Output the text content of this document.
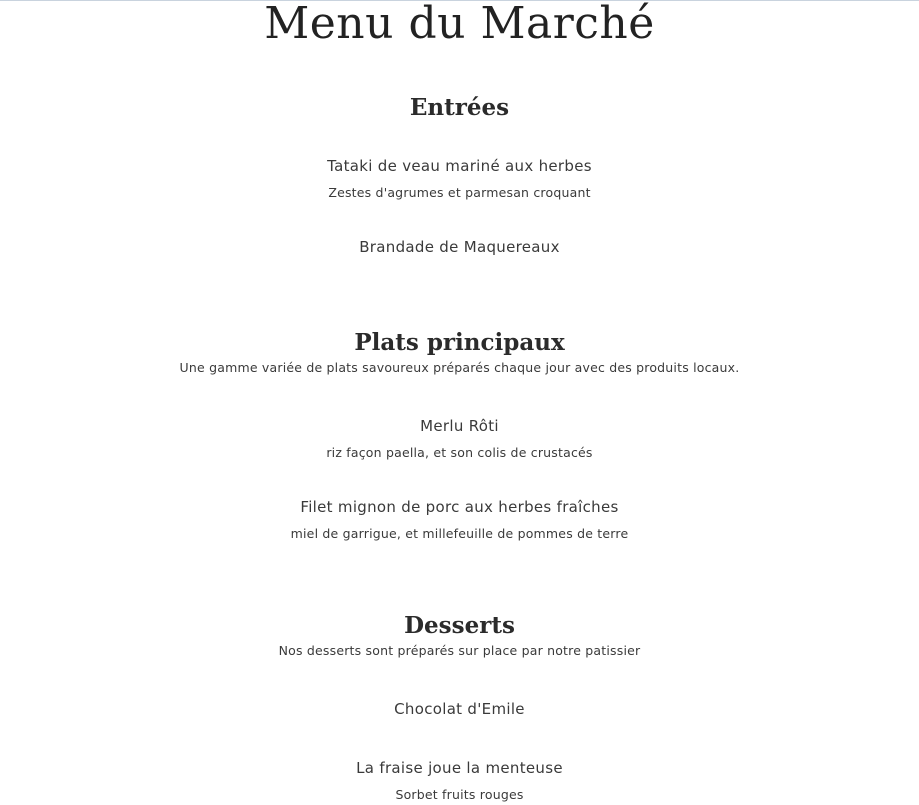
Menu du Marché
Entrées
Tataki de veau mariné aux herbes
Zestes d'agrumes et parmesan croquant
Brandade de Maquereaux
Plats principaux
Une gamme variée de plats savoureux préparés chaque jour avec des produits locaux.
Merlu Rôti
riz façon paella, et son colis de crustacés
Filet mignon de porc aux herbes fraîches
miel de garrigue, et millefeuille de pommes de terre
Desserts
Nos desserts sont préparés sur place par notre patissier
Chocolat d'Emile
La fraise joue la menteuse
Sorbet fruits rouges
